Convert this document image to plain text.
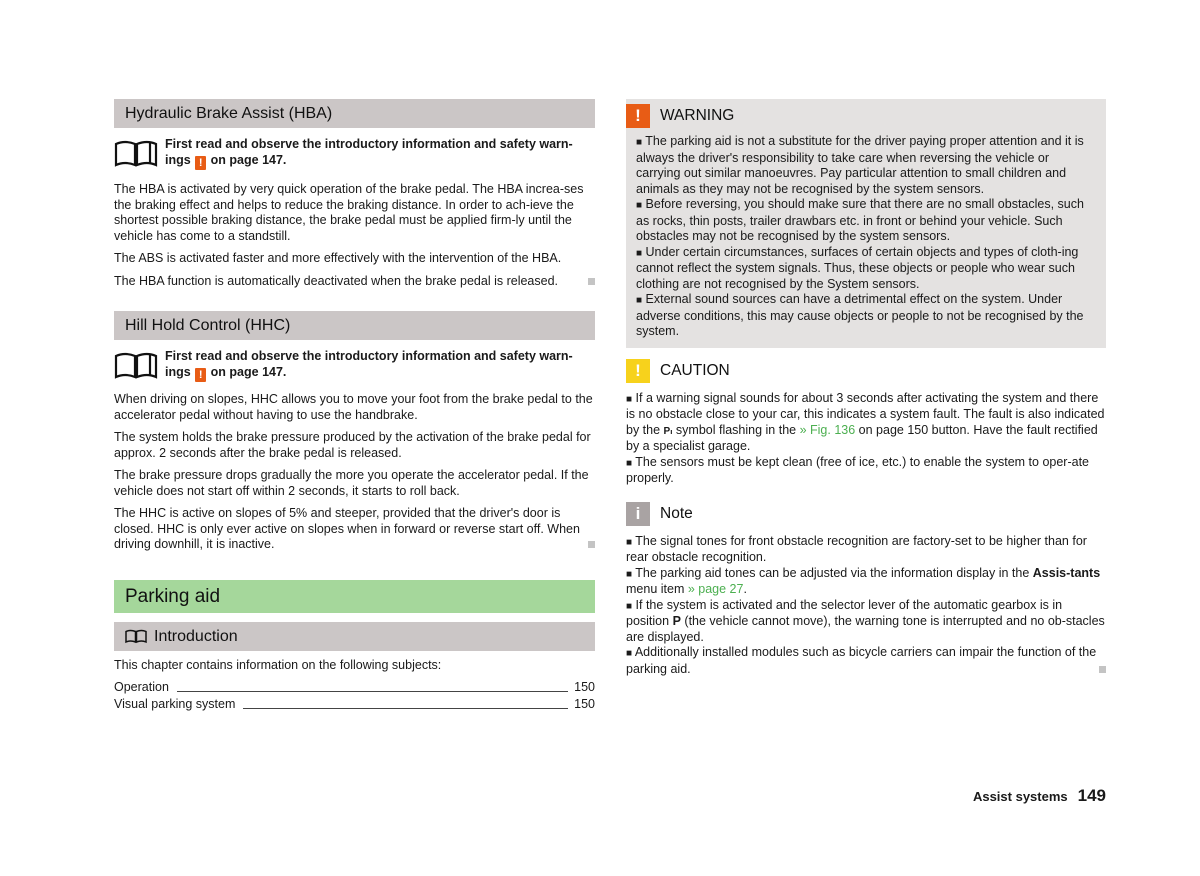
Hydraulic Brake Assist (HBA)
First read and observe the introductory information and safety warn-
ings ! on page 147.

The HBA is activated by very quick operation of the brake pedal. The HBA increa-ses the braking effect and helps to reduce the braking distance. In order to ach-ieve the shortest possible braking distance, the brake pedal must be applied firm-ly until the vehicle has come to a standstill.

The ABS is activated faster and more effectively with the intervention of the HBA.

The HBA function is automatically deactivated when the brake pedal is released.

Hill Hold Control (HHC)
First read and observe the introductory information and safety warn-
ings ! on page 147.

When driving on slopes, HHC allows you to move your foot from the brake pedal to the accelerator pedal without having to use the handbrake.

The system holds the brake pressure produced by the activation of the brake pedal for approx. 2 seconds after the brake pedal is released.

The brake pressure drops gradually the more you operate the accelerator pedal. If the vehicle does not start off within 2 seconds, it starts to roll back.

The HHC is active on slopes of 5% and steeper, provided that the driver's door is closed. HHC is only ever active on slopes when in forward or reverse start off. When driving downhill, it is inactive.

Parking aid
Introduction

This chapter contains information on the following subjects:

Operation	150
Visual parking system	150
!	WARNING

■ The parking aid is not a substitute for the driver paying proper attention and it is always the driver's responsibility to take care when reversing the vehicle or carrying out similar manoeuvres. Pay particular attention to small children and animals as they may not be recognised by the system sensors.

■ Before reversing, you should make sure that there are no small obstacles, such as rocks, thin posts, trailer drawbars etc. in front or behind your vehicle. Such obstacles may not be recognised by the system sensors.

■ Under certain circumstances, surfaces of certain objects and types of cloth-ing cannot reflect the system signals. Thus, these objects or people who wear such clothing are not recognised by the System sensors.

■ External sound sources can have a detrimental effect on the system. Under adverse conditions, this may cause objects or people to not be recognised by the system.

!	CAUTION

■ If a warning signal sounds for about 3 seconds after activating the system and there is no obstacle close to your car, this indicates a system fault. The fault is also indicated by the Pₗ symbol flashing in the » Fig. 136 on page 150 button. Have the fault rectified by a specialist garage.

■ The sensors must be kept clean (free of ice, etc.) to enable the system to oper-ate properly.

i	Note

■ The signal tones for front obstacle recognition are factory-set to be higher than for rear obstacle recognition.

■ The parking aid tones can be adjusted via the information display in the Assis-tants menu item » page 27.

■ If the system is activated and the selector lever of the automatic gearbox is in position P (the vehicle cannot move), the warning tone is interrupted and no ob-stacles are displayed.

■ Additionally installed modules such as bicycle carriers can impair the function of the parking aid.

Assist systems 149
